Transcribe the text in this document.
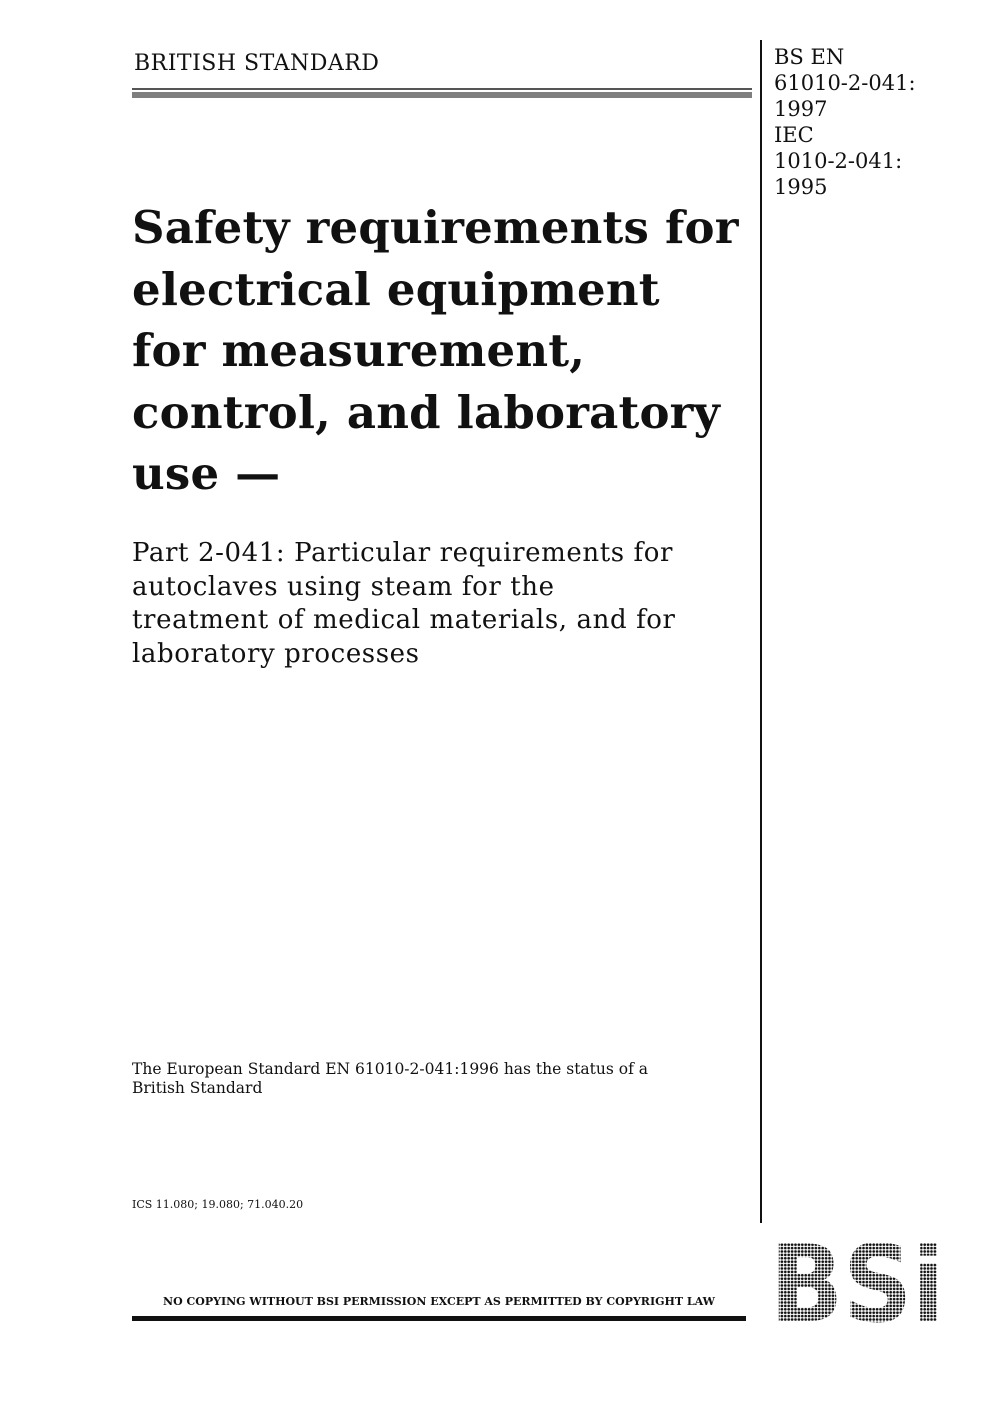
BRITISH STANDARD	BS EN
61010-2-041:
1997
IEC
1010-2-041:
1995
Safety requirements for
electrical equipment
for measurement,
control, and laboratory
use —
Part 2-041: Particular requirements for
autoclaves using steam for the
treatment of medical materials, and for
laboratory processes
The European Standard EN 61010-2-041:1996 has the status of a
British Standard
ICS 11.080; 19.080; 71.040.20
NO COPYING WITHOUT BSI PERMISSION EXCEPT AS PERMITTED BY COPYRIGHT LAW
